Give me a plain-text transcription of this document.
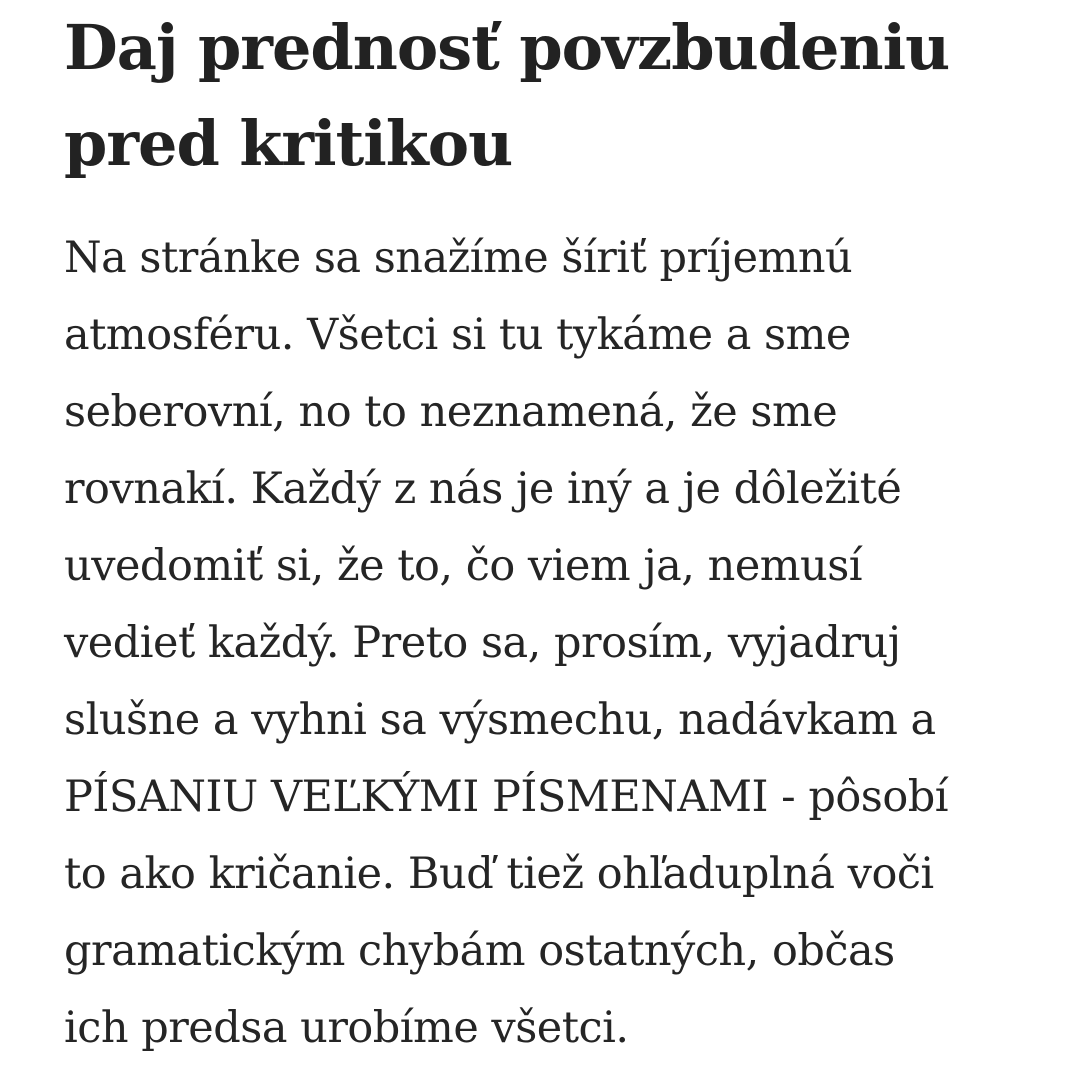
Daj prednosť povzbudeniu
pred kritikou

Na stránke sa snažíme šíriť príjemnú
atmosféru. Všetci si tu tykáme a sme
seberovní, no to neznamená, že sme
rovnakí. Každý z nás je iný a je dôležité
uvedomiť si, že to, čo viem ja, nemusí
vedieť každý. Preto sa, prosím, vyjadruj
slušne a vyhni sa výsmechu, nadávkam a
PÍSANIU VEĽKÝMI PÍSMENAMI - pôsobí
to ako kričanie. Buď tiež ohľaduplná voči
gramatickým chybám ostatných, občas
ich predsa urobíme všetci.
